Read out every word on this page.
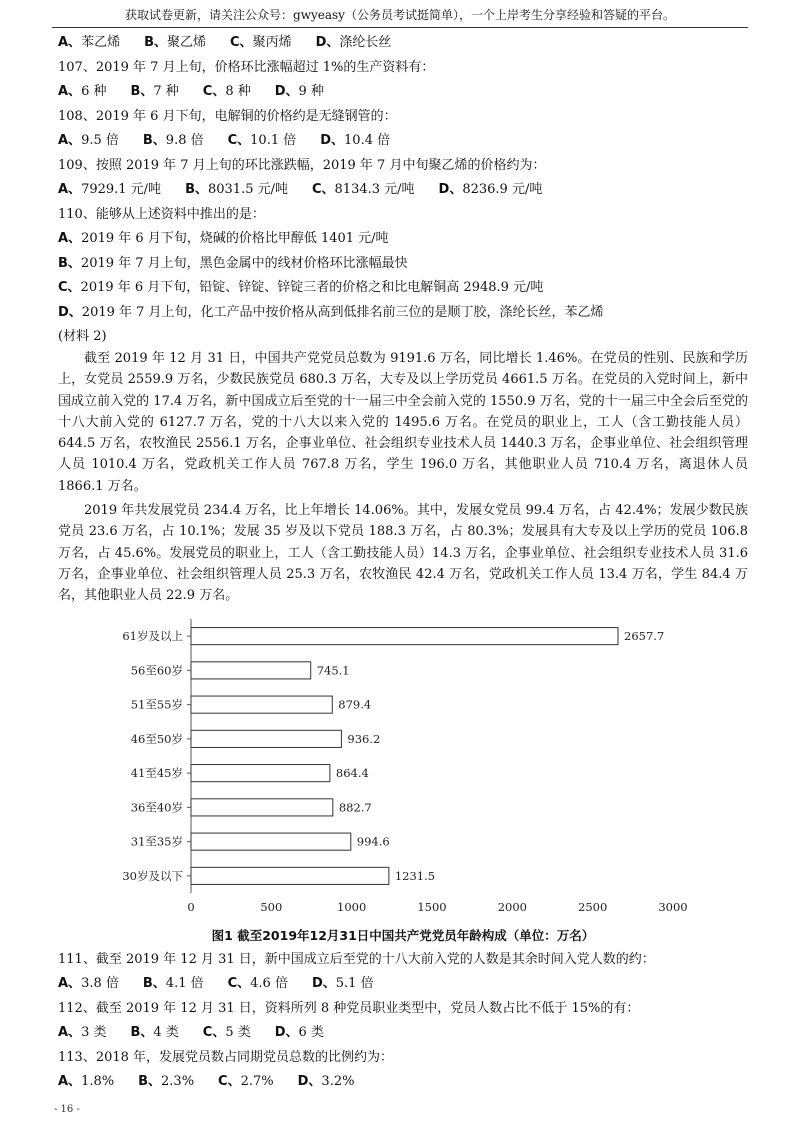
获取试卷更新，请关注公众号：gwyeasy（公务员考试挺简单），一个上岸考生分享经验和答疑的平台。
A、苯乙烯 B、聚乙烯 C、聚丙烯 D、涤纶长丝
107、2019 年 7 月上旬，价格环比涨幅超过 1%的生产资料有：
A、6 种 B、7 种 C、8 种 D、9 种
108、2019 年 6 月下旬，电解铜的价格约是无缝钢管的：
A、9.5 倍 B、9.8 倍 C、10.1 倍 D、10.4 倍
109、按照 2019 年 7 月上旬的环比涨跌幅，2019 年 7 月中旬聚乙烯的价格约为：
A、7929.1 元/吨 B、8031.5 元/吨 C、8134.3 元/吨 D、8236.9 元/吨
110、能够从上述资料中推出的是：
A、2019 年 6 月下旬，烧碱的价格比甲醇低 1401 元/吨
B、2019 年 7 月上旬，黑色金属中的线材价格环比涨幅最快
C、2019 年 6 月下旬，铅锭、锌锭、锌锭三者的价格之和比电解铜高 2948.9 元/吨
D、2019 年 7 月上旬，化工产品中按价格从高到低排名前三位的是顺丁胶，涤纶长丝，苯乙烯
(材料 2)

截至 2019 年 12 月 31 日，中国共产党党员总数为 9191.6 万名，同比增长 1.46%。在党员的性别、民族和学历上，女党员 2559.9 万名，少数民族党员 680.3 万名，大专及以上学历党员 4661.5 万名。在党员的入党时间上，新中国成立前入党的 17.4 万名，新中国成立后至党的十一届三中全会前入党的 1550.9 万名，党的十一届三中全会后至党的十八大前入党的 6127.7 万名，党的十八大以来入党的 1495.6 万名。在党员的职业上，工人（含工勤技能人员）644.5 万名，农牧渔民 2556.1 万名，企事业单位、社会组织专业技术人员 1440.3 万名，企事业单位、社会组织管理人员 1010.4 万名，党政机关工作人员 767.8 万名，学生 196.0 万名，其他职业人员 710.4 万名，离退休人员 1866.1 万名。

2019 年共发展党员 234.4 万名，比上年增长 14.06%。其中，发展女党员 99.4 万名，占 42.4%；发展少数民族党员 23.6 万名，占 10.1%；发展 35 岁及以下党员 188.3 万名，占 80.3%；发展具有大专及以上学历的党员 106.8 万名，占 45.6%。发展党员的职业上，工人（含工勤技能人员）14.3 万名，企事业单位、社会组织专业技术人员 31.6 万名，企事业单位、社会组织管理人员 25.3 万名，农牧渔民 42.4 万名，党政机关工作人员 13.4 万名，学生 84.4 万名，其他职业人员 22.9 万名。

61岁及以上	2657.7
56至60岁	745.1
51至55岁	879.4
46至50岁	936.2
41至45岁	864.4
36至40岁	882.7
31至35岁	994.6
30岁及以下	1231.5
0	500	1000	1500	2000	2500	3000
图1 截至2019年12月31日中国共产党党员年龄构成（单位：万名）
111、截至 2019 年 12 月 31 日，新中国成立后至党的十八大前入党的人数是其余时间入党人数的约：
A、3.8 倍 B、4.1 倍 C、4.6 倍 D、5.1 倍
112、截至 2019 年 12 月 31 日，资料所列 8 种党员职业类型中，党员人数占比不低于 15%的有：
A、3 类 B、4 类 C、5 类 D、6 类
113、2018 年，发展党员数占同期党员总数的比例约为：
A、1.8% B、2.3% C、2.7% D、3.2%
- 16 -
